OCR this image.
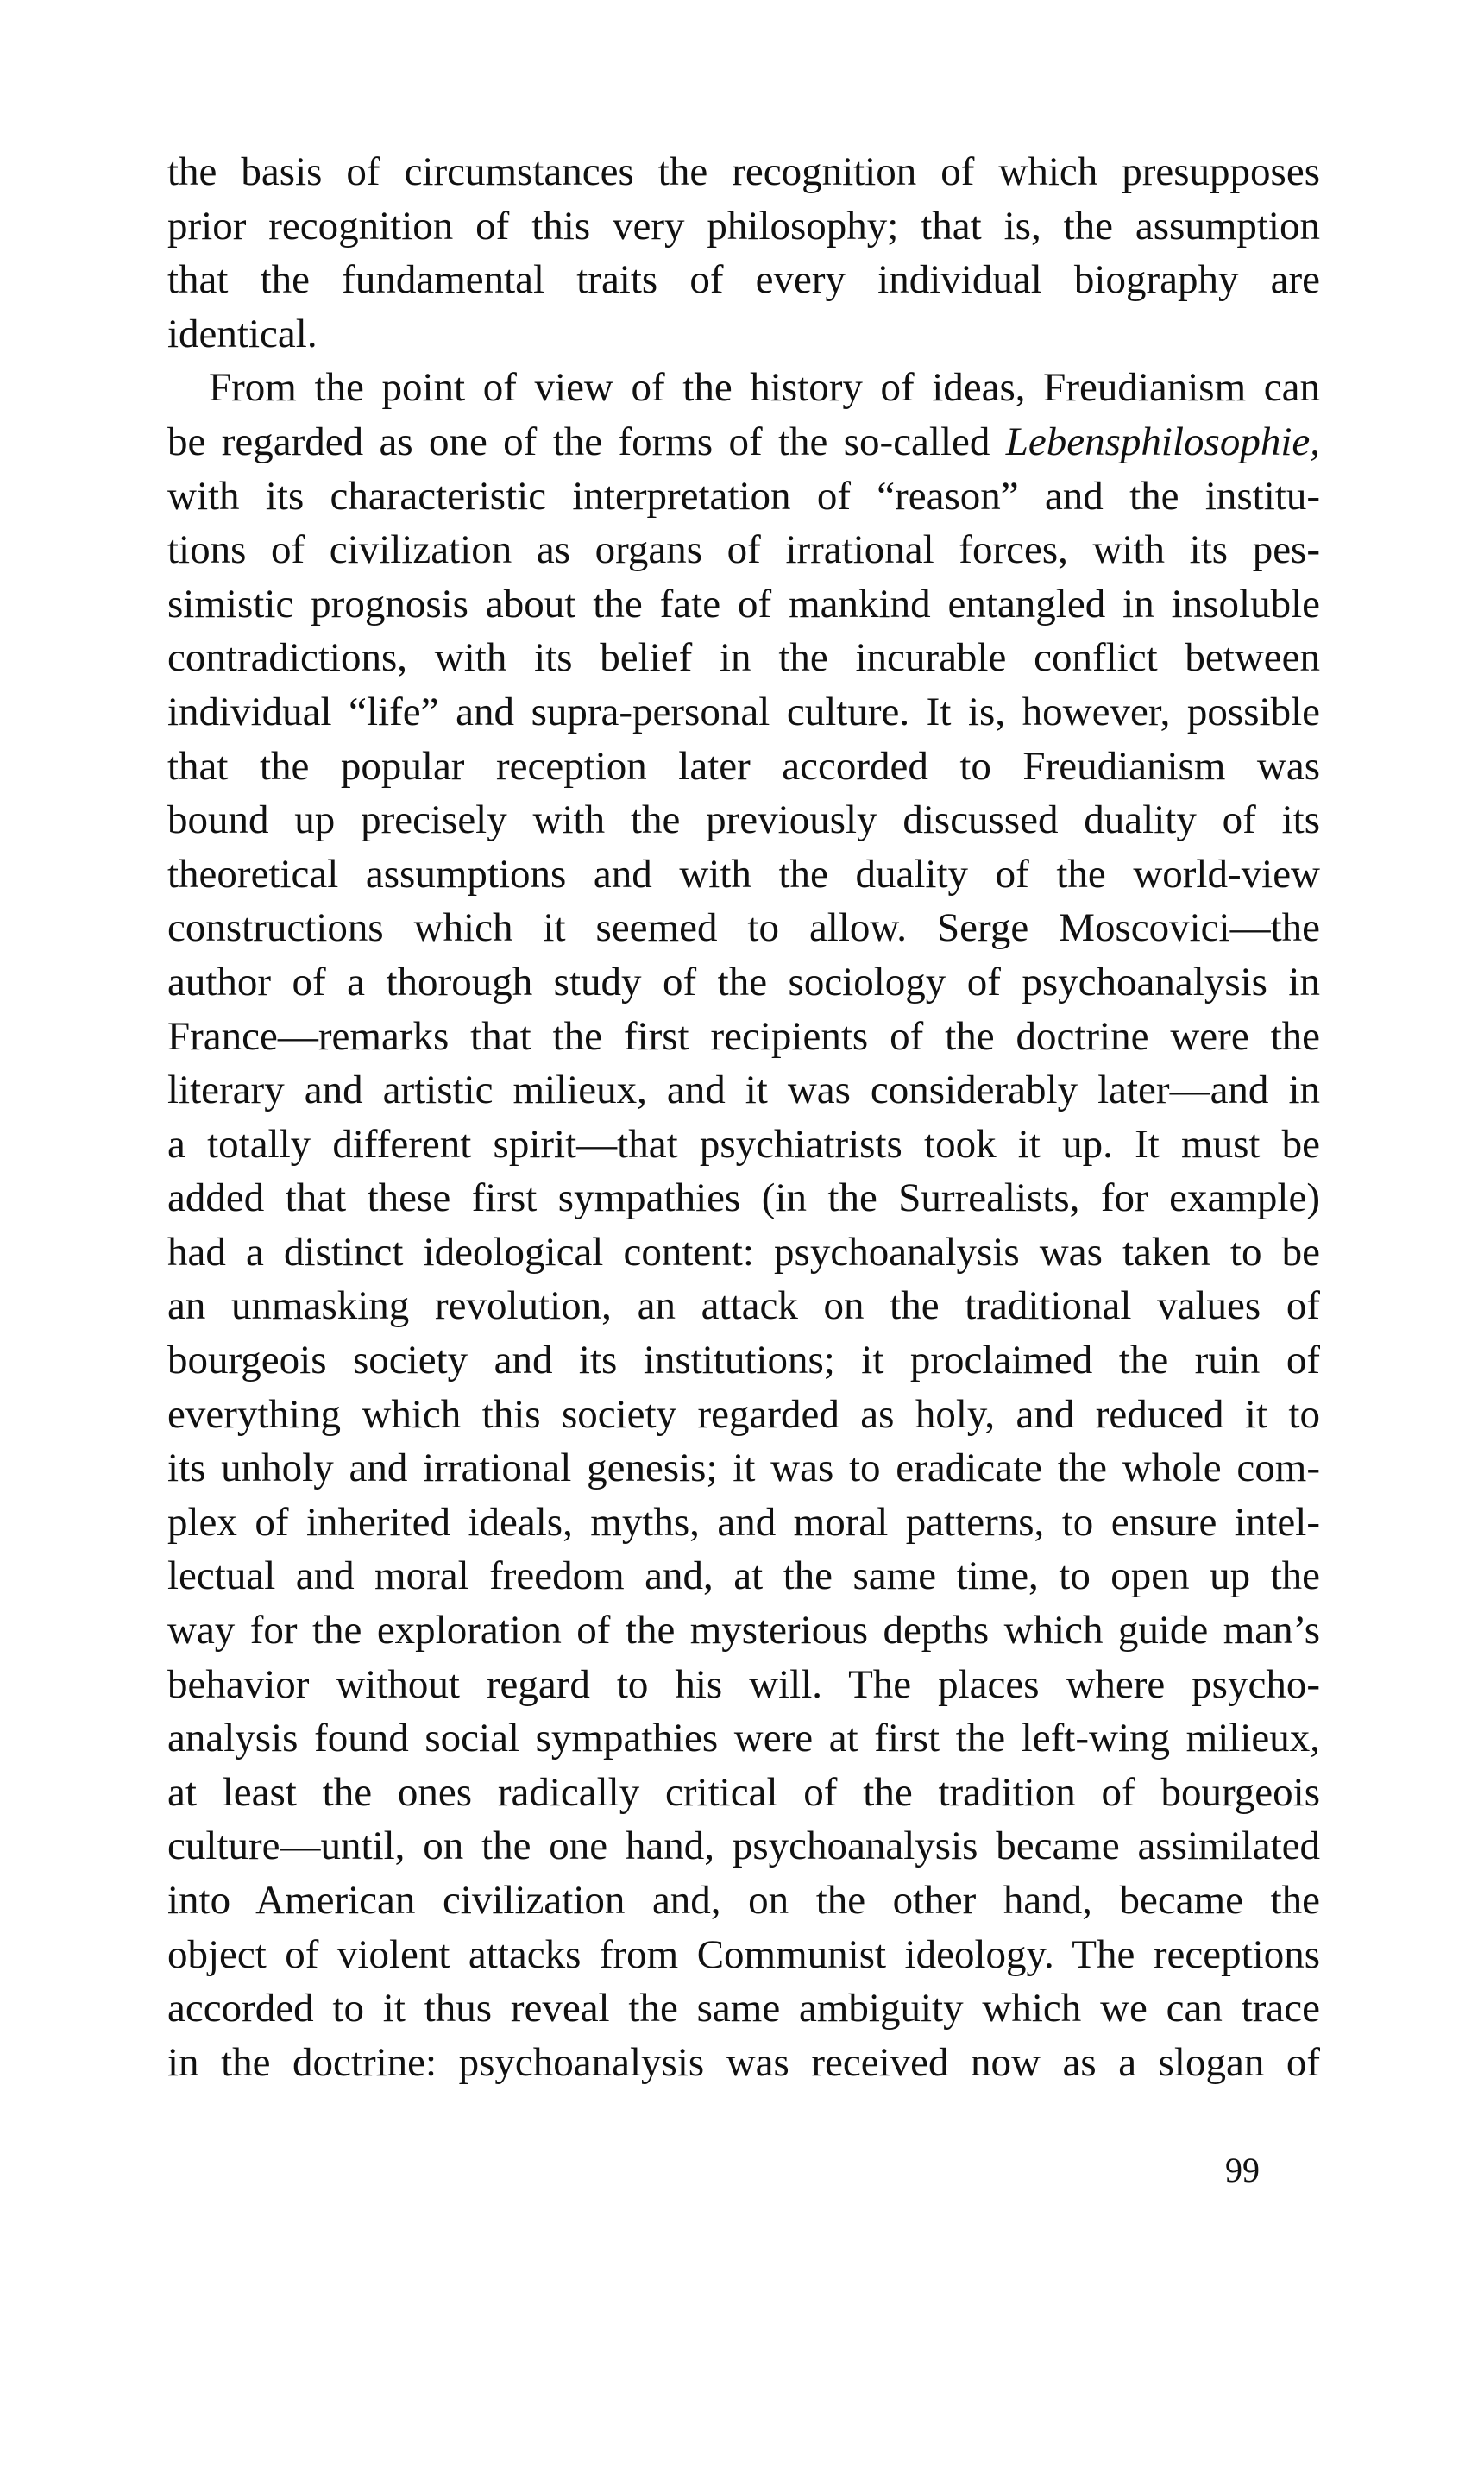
the basis of circumstances the recognition of which presupposes
prior recognition of this very philosophy; that is, the assumption
that the fundamental traits of every individual biography are
identical.
From the point of view of the history of ideas, Freudianism can
be regarded as one of the forms of the so-called Lebensphilosophie,
with its characteristic interpretation of “reason” and the institu-
tions of civilization as organs of irrational forces, with its pes-
simistic prognosis about the fate of mankind entangled in insoluble
contradictions, with its belief in the incurable conflict between
individual “life” and supra-personal culture. It is, however, possible
that the popular reception later accorded to Freudianism was
bound up precisely with the previously discussed duality of its
theoretical assumptions and with the duality of the world-view
constructions which it seemed to allow. Serge Moscovici—the
author of a thorough study of the sociology of psychoanalysis in
France—remarks that the first recipients of the doctrine were the
literary and artistic milieux, and it was considerably later—and in
a totally different spirit—that psychiatrists took it up. It must be
added that these first sympathies (in the Surrealists, for example)
had a distinct ideological content: psychoanalysis was taken to be
an unmasking revolution, an attack on the traditional values of
bourgeois society and its institutions; it proclaimed the ruin of
everything which this society regarded as holy, and reduced it to
its unholy and irrational genesis; it was to eradicate the whole com-
plex of inherited ideals, myths, and moral patterns, to ensure intel-
lectual and moral freedom and, at the same time, to open up the
way for the exploration of the mysterious depths which guide man’s
behavior without regard to his will. The places where psycho-
analysis found social sympathies were at first the left-wing milieux,
at least the ones radically critical of the tradition of bourgeois
culture—until, on the one hand, psychoanalysis became assimilated
into American civilization and, on the other hand, became the
object of violent attacks from Communist ideology. The receptions
accorded to it thus reveal the same ambiguity which we can trace
in the doctrine: psychoanalysis was received now as a slogan of
99
